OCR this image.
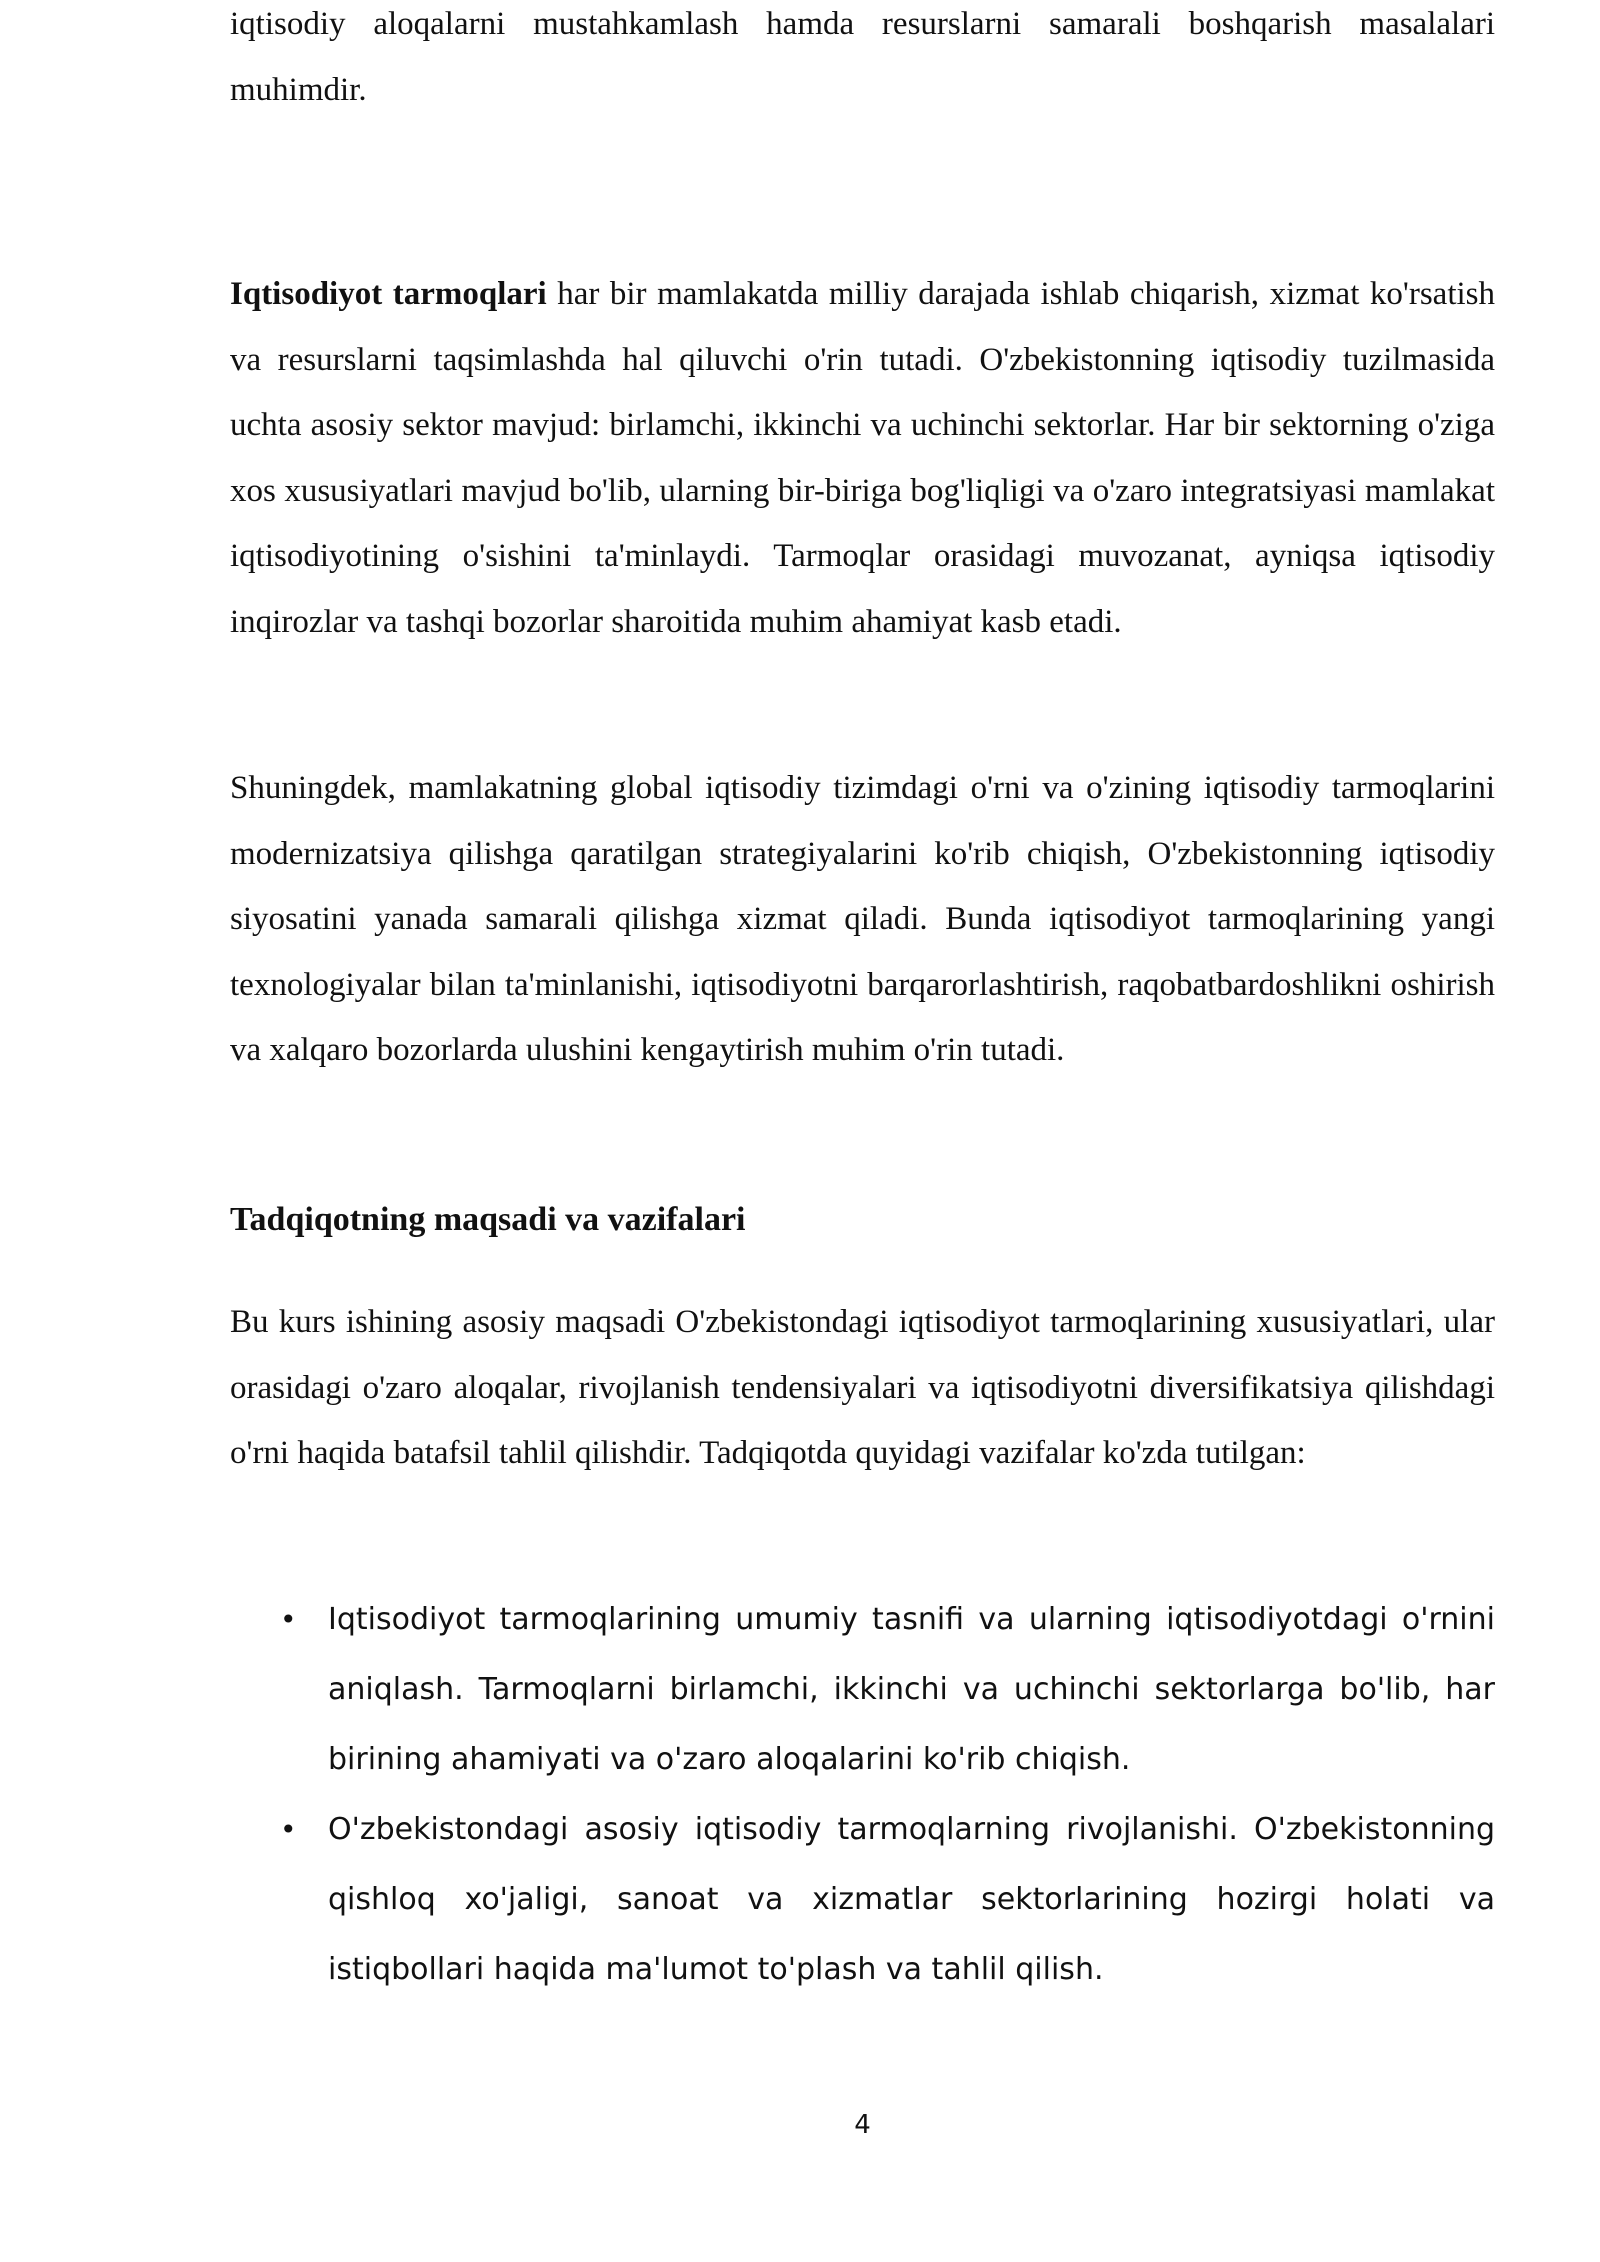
iqtisodiy aloqalarni mustahkamlash hamda resurslarni samarali boshqarish masalalari muhimdir.

Iqtisodiyot tarmoqlari har bir mamlakatda milliy darajada ishlab chiqarish, xizmat ko'rsatish va resurslarni taqsimlashda hal qiluvchi o'rin tutadi. O'zbekistonning iqtisodiy tuzilmasida uchta asosiy sektor mavjud: birlamchi, ikkinchi va uchinchi sektorlar. Har bir sektorning o'ziga xos xususiyatlari mavjud bo'lib, ularning bir-biriga bog'liqligi va o'zaro integratsiyasi mamlakat iqtisodiyotining o'sishini ta'minlaydi. Tarmoqlar orasidagi muvozanat, ayniqsa iqtisodiy inqirozlar va tashqi bozorlar sharoitida muhim ahamiyat kasb etadi.

Shuningdek, mamlakatning global iqtisodiy tizimdagi o'rni va o'zining iqtisodiy tarmoqlarini modernizatsiya qilishga qaratilgan strategiyalarini ko'rib chiqish, O'zbekistonning iqtisodiy siyosatini yanada samarali qilishga xizmat qiladi. Bunda iqtisodiyot tarmoqlarining yangi texnologiyalar bilan ta'minlanishi, iqtisodiyotni barqarorlashtirish, raqobatbardoshlikni oshirish va xalqaro bozorlarda ulushini kengaytirish muhim o'rin tutadi.

Tadqiqotning maqsadi va vazifalari

Bu kurs ishining asosiy maqsadi O'zbekistondagi iqtisodiyot tarmoqlarining xususiyatlari, ular orasidagi o'zaro aloqalar, rivojlanish tendensiyalari va iqtisodiyotni diversifikatsiya qilishdagi o'rni haqida batafsil tahlil qilishdir. Tadqiqotda quyidagi vazifalar ko'zda tutilgan:

• Iqtisodiyot tarmoqlarining umumiy tasnifi va ularning iqtisodiyotdagi o'rnini aniqlash. Tarmoqlarni birlamchi, ikkinchi va uchinchi sektorlarga bo'lib, har birining ahamiyati va o'zaro aloqalarini ko'rib chiqish.
• O'zbekistondagi asosiy iqtisodiy tarmoqlarning rivojlanishi. O'zbekistonning qishloq xo'jaligi, sanoat va xizmatlar sektorlarining hozirgi holati va istiqbollari haqida ma'lumot to'plash va tahlil qilish.
4
